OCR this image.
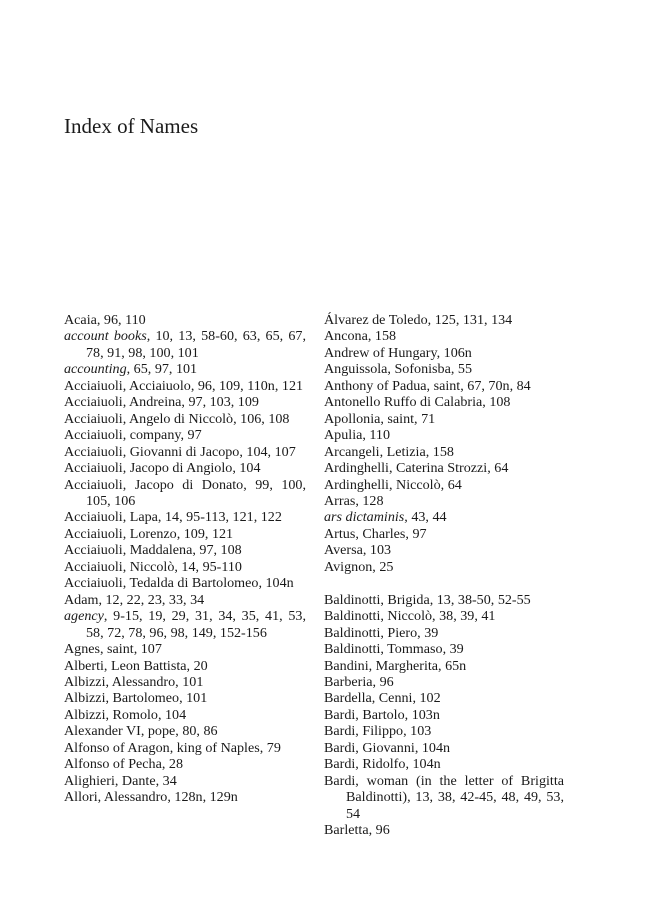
Index of Names

Acaia, 96, 110

account books, 10, 13, 58-60, 63, 65, 67, 78, 91, 98, 100, 101

accounting, 65, 97, 101

Acciaiuoli, Acciaiuolo, 96, 109, 110n, 121

Acciaiuoli, Andreina, 97, 103, 109

Acciaiuoli, Angelo di Niccolò, 106, 108

Acciaiuoli, company, 97

Acciaiuoli, Giovanni di Jacopo, 104, 107

Acciaiuoli, Jacopo di Angiolo, 104

Acciaiuoli, Jacopo di Donato, 99, 100, 105, 106

Acciaiuoli, Lapa, 14, 95-113, 121, 122

Acciaiuoli, Lorenzo, 109, 121

Acciaiuoli, Maddalena, 97, 108

Acciaiuoli, Niccolò, 14, 95-110

Acciaiuoli, Tedalda di Bartolomeo, 104n

Adam, 12, 22, 23, 33, 34

agency, 9-15, 19, 29, 31, 34, 35, 41, 53, 58, 72, 78, 96, 98, 149, 152-156

Agnes, saint, 107

Alberti, Leon Battista, 20

Albizzi, Alessandro, 101

Albizzi, Bartolomeo, 101

Albizzi, Romolo, 104

Alexander VI, pope, 80, 86

Alfonso of Aragon, king of Naples, 79

Alfonso of Pecha, 28

Alighieri, Dante, 34

Allori, Alessandro, 128n, 129n

Álvarez de Toledo, 125, 131, 134

Ancona, 158

Andrew of Hungary, 106n

Anguissola, Sofonisba, 55

Anthony of Padua, saint, 67, 70n, 84

Antonello Ruffo di Calabria, 108

Apollonia, saint, 71

Apulia, 110

Arcangeli, Letizia, 158

Ardinghelli, Caterina Strozzi, 64

Ardinghelli, Niccolò, 64

Arras, 128

ars dictaminis, 43, 44

Artus, Charles, 97

Aversa, 103

Avignon, 25

Baldinotti, Brigida, 13, 38-50, 52-55

Baldinotti, Niccolò, 38, 39, 41

Baldinotti, Piero, 39

Baldinotti, Tommaso, 39

Bandini, Margherita, 65n

Barberia, 96

Bardella, Cenni, 102

Bardi, Bartolo, 103n

Bardi, Filippo, 103

Bardi, Giovanni, 104n

Bardi, Ridolfo, 104n

Bardi, woman (in the letter of Brigitta Baldinotti), 13, 38, 42-45, 48, 49, 53, 54

Barletta, 96
